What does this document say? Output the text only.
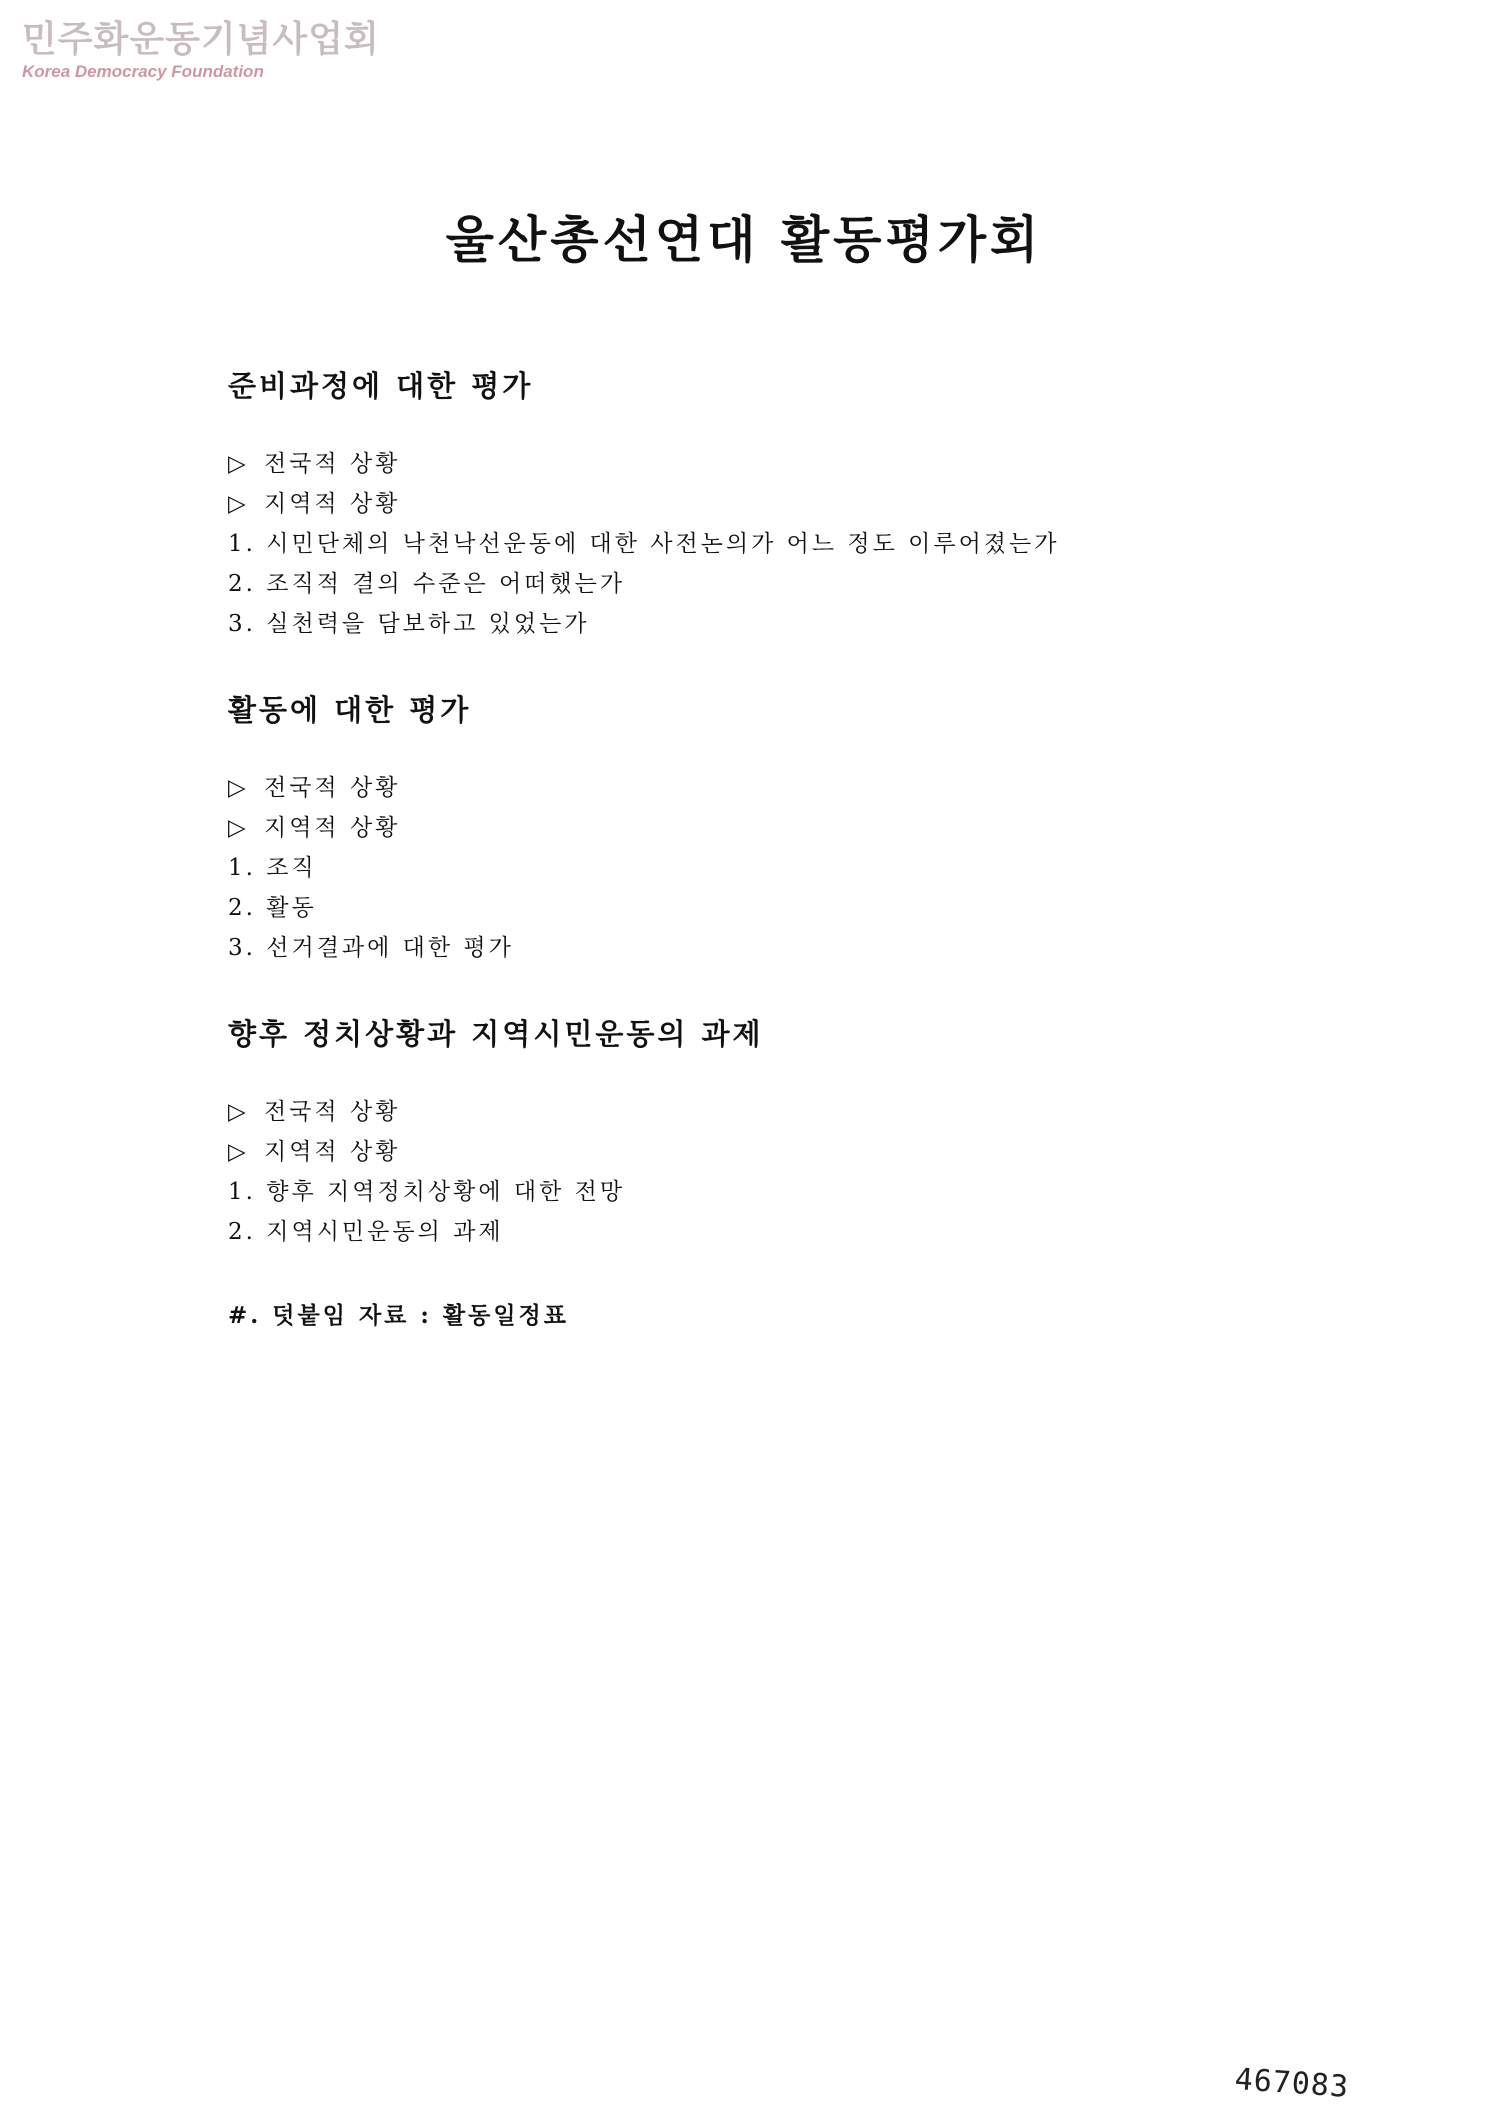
민주화운동기념사업회
Korea Democracy Foundation
울산총선연대 활동평가회
준비과정에 대한 평가
▷ 전국적 상황
▷ 지역적 상황
1. 시민단체의 낙천낙선운동에 대한 사전논의가 어느 정도 이루어졌는가
2. 조직적 결의 수준은 어떠했는가
3. 실천력을 담보하고 있었는가
활동에 대한 평가
▷ 전국적 상황
▷ 지역적 상황
1. 조직
2. 활동
3. 선거결과에 대한 평가
향후 정치상황과 지역시민운동의 과제
▷ 전국적 상황
▷ 지역적 상황
1. 향후 지역정치상황에 대한 전망
2. 지역시민운동의 과제
#. 덧붙임 자료 : 활동일정표
467083
